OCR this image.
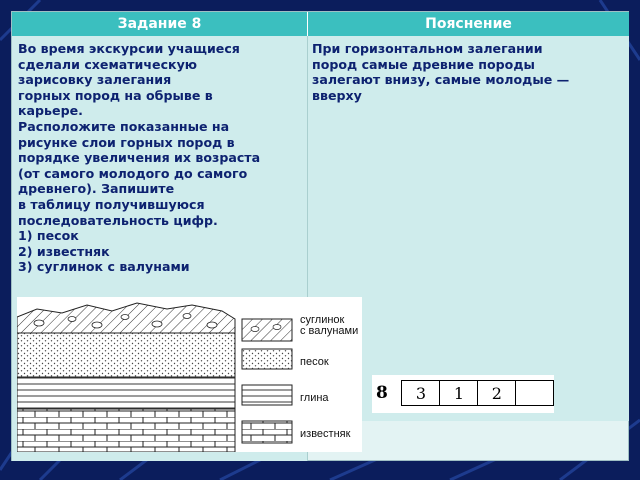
Задание 8	Пояснение
Во время экскурсии учащиеся
сделали схематическую
зарисовку залегания
горных пород на обрыве в
карьере.
Расположите показанные на
рисунке слои горных пород в
порядке увеличения их возраста
(от самого молодого до самого
древнего). Запишите
в таблицу получившуюся
последовательность цифр.
1) песок
2) известняк
3) суглинок с валунами
При горизонтальном залегании
пород самые древние породы
залегают внизу, самые молодые —
вверху
суглинок
с валунами
песок
глина
известняк
8	3	1	2	
